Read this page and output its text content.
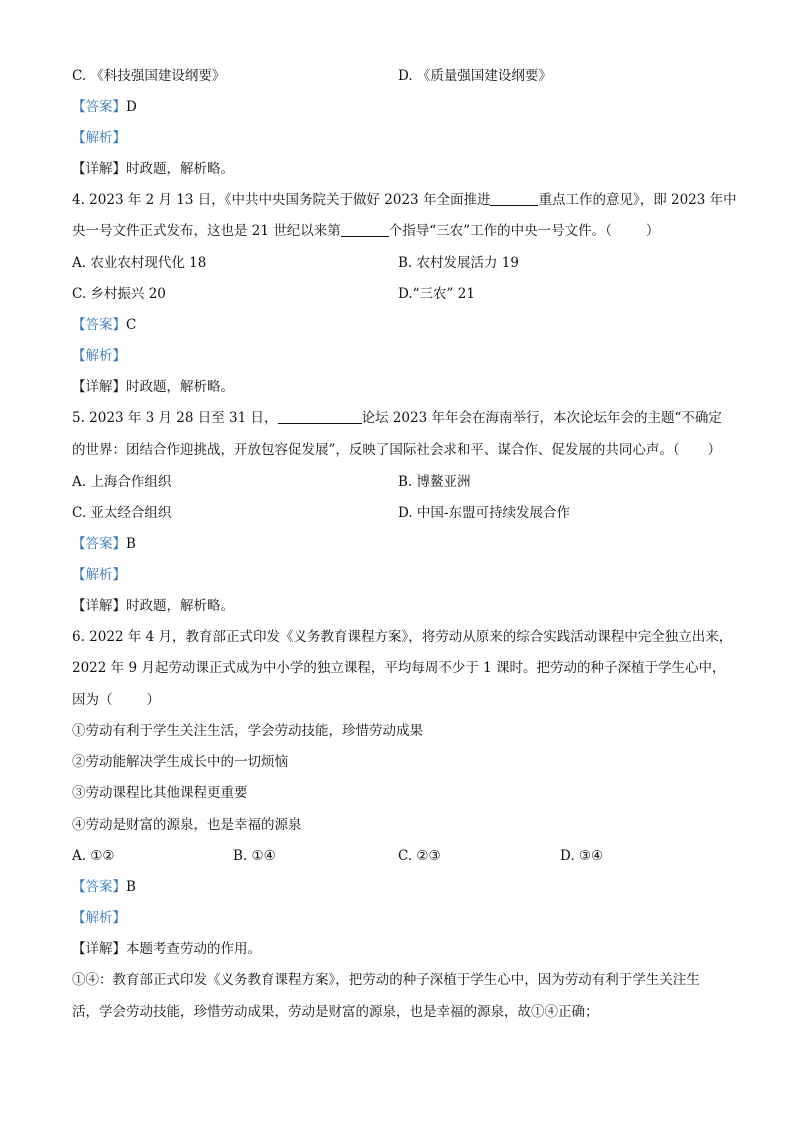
C. 《科技强国建设纲要》	D. 《质量强国建设纲要》
【答案】D
【解析】
【详解】时政题，解析略。
4. 2023 年 2 月 13 日，《中共中央国务院关于做好 2023 年全面推进	重点工作的意见》，即 2023 年中
央一号文件正式发布，这也是 21 世纪以来第	个指导“三农”工作的中央一号文件。（	）
A. 农业农村现代化 18	B. 农村发展活力 19
C. 乡村振兴 20	D.“三农” 21
【答案】C
【解析】
【详解】时政题，解析略。
5. 2023 年 3 月 28 日至 31 日，	论坛 2023 年年会在海南举行，本次论坛年会的主题“不确定
的世界：团结合作迎挑战，开放包容促发展”，反映了国际社会求和平、谋合作、促发展的共同心声。（ ）
A. 上海合作组织	B. 博鳌亚洲
C. 亚太经合组织	D. 中国-东盟可持续发展合作
【答案】B
【解析】
【详解】时政题，解析略。
6. 2022 年 4 月，教育部正式印发《义务教育课程方案》，将劳动从原来的综合实践活动课程中完全独立出来，
2022 年 9 月起劳动课正式成为中小学的独立课程，平均每周不少于 1 课时。把劳动的种子深植于学生心中，
因为（	）
①劳动有利于学生关注生活，学会劳动技能，珍惜劳动成果
②劳动能解决学生成长中的一切烦恼
③劳动课程比其他课程更重要
④劳动是财富的源泉，也是幸福的源泉
A. ①②	B. ①④	C. ②③	D. ③④
【答案】B
【解析】
【详解】本题考查劳动的作用。
①④：教育部正式印发《义务教育课程方案》，把劳动的种子深植于学生心中，因为劳动有利于学生关注生
活，学会劳动技能，珍惜劳动成果，劳动是财富的源泉，也是幸福的源泉，故①④正确；
